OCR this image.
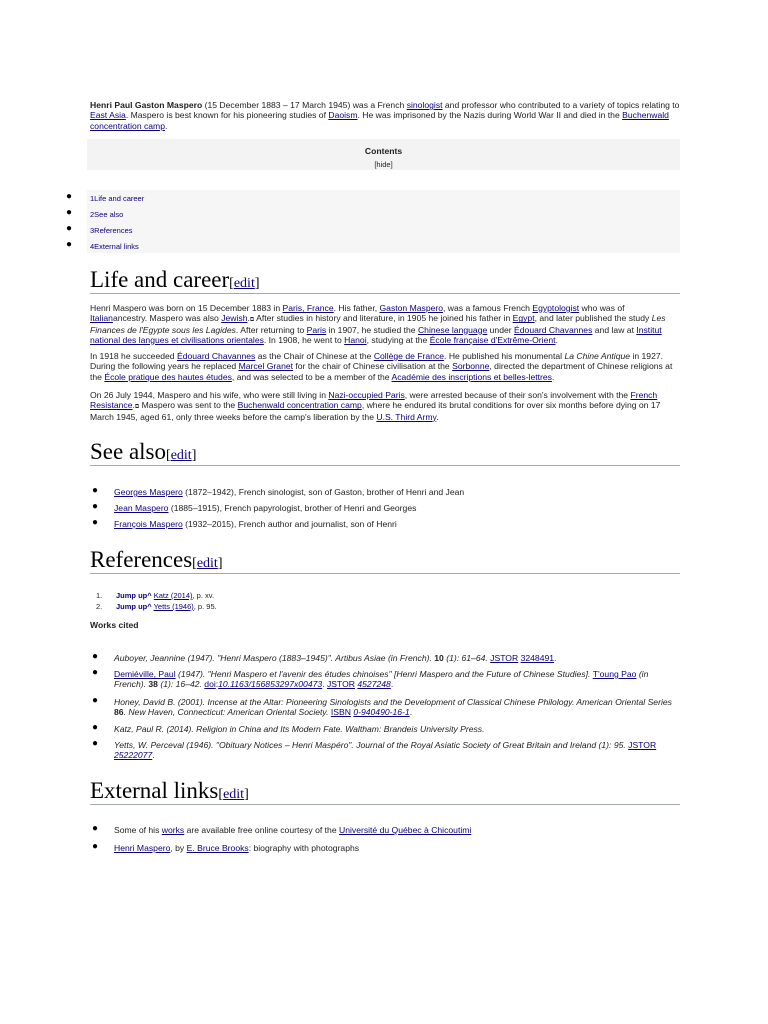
Henri Paul Gaston Maspero (15 December 1883 – 17 March 1945) was a French sinologist and professor who contributed to a variety of topics relating to East Asia. Maspero is best known for his pioneering studies of Daoism. He was imprisoned by the Nazis during World War II and died in the Buchenwald concentration camp.

Contents
[hide]
● 1Life and career
● 2See also
● 3References
● 4External links
Life and career[edit]

Henri Maspero was born on 15 December 1883 in Paris, France. His father, Gaston Maspero, was a famous French Egyptologist who was of Italianancestry. Maspero was also Jewish.⧉ After studies in history and literature, in 1905 he joined his father in Egypt, and later published the study Les Finances de l'Egypte sous les Lagides. After returning to Paris in 1907, he studied the Chinese language under Édouard Chavannes and law at Institut national des langues et civilisations orientales. In 1908, he went to Hanoi, studying at the École française d'Extrême-Orient.

In 1918 he succeeded Édouard Chavannes as the Chair of Chinese at the Collège de France. He published his monumental La Chine Antique in 1927. During the following years he replaced Marcel Granet for the chair of Chinese civilisation at the Sorbonne, directed the department of Chinese religions at the École pratique des hautes études, and was selected to be a member of the Académie des inscriptions et belles-lettres.

On 26 July 1944, Maspero and his wife, who were still living in Nazi-occupied Paris, were arrested because of their son's involvement with the French Resistance.⧉ Maspero was sent to the Buchenwald concentration camp, where he endured its brutal conditions for over six months before dying on 17 March 1945, aged 61, only three weeks before the camp's liberation by the U.S. Third Army.

See also[edit]
● Georges Maspero (1872–1942), French sinologist, son of Gaston, brother of Henri and Jean
● Jean Maspero (1885–1915), French papyrologist, brother of Henri and Georges
● François Maspero (1932–2015), French author and journalist, son of Henri
References[edit]
1. Jump up^ Katz (2014), p. xv.
2. Jump up^ Yetts (1946), p. 95.
Works cited
● Auboyer, Jeannine (1947). "Henri Maspero (1883–1945)". Artibus Asiae (in French). 10 (1): 61–64. JSTOR 3248491.
● Demiéville, Paul (1947). "Henri Maspero et l'avenir des études chinoises" [Henri Maspero and the Future of Chinese Studies]. T'oung Pao (in French). 38 (1): 16–42. doi:10.1163/156853297x00473. JSTOR 4527248.
● Honey, David B. (2001). Incense at the Altar: Pioneering Sinologists and the Development of Classical Chinese Philology. American Oriental Series 86. New Haven, Connecticut: American Oriental Society. ISBN 0-940490-16-1.
● Katz, Paul R. (2014). Religion in China and Its Modern Fate. Waltham: Brandeis University Press.
● Yetts, W. Perceval (1946). "Obituary Notices – Henri Maspéro". Journal of the Royal Asiatic Society of Great Britain and Ireland (1): 95. JSTOR 25222077.
External links[edit]
● Some of his works are available free online courtesy of the Université du Québec à Chicoutimi
● Henri Maspero, by E. Bruce Brooks: biography with photographs
